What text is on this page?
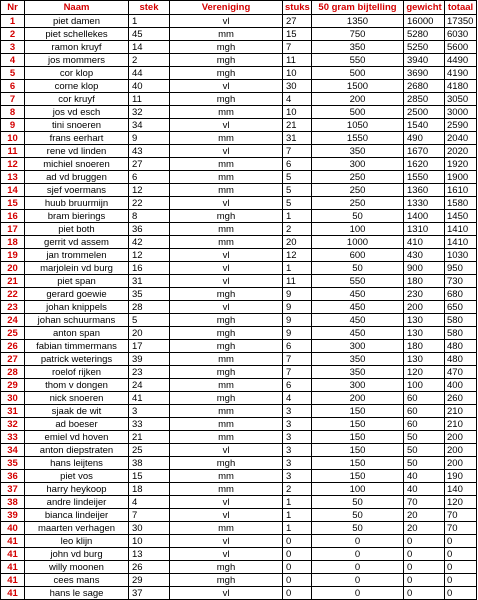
Nr	Naam	stek	Vereniging	stuks	50 gram bijtelling	gewicht	totaal
1	piet damen	1	vl	27	1350	16000	17350
2	piet schellekes	45	mm	15	750	5280	6030
3	ramon kruyf	14	mgh	7	350	5250	5600
4	jos mommers	2	mgh	11	550	3940	4490
5	cor klop	44	mgh	10	500	3690	4190
6	corne klop	40	vl	30	1500	2680	4180
7	cor kruyf	11	mgh	4	200	2850	3050
8	jos vd esch	32	mm	10	500	2500	3000
9	tini snoeren	34	vl	21	1050	1540	2590
10	frans eerhart	9	mm	31	1550	490	2040
11	rene vd linden	43	vl	7	350	1670	2020
12	michiel snoeren	27	mm	6	300	1620	1920
13	ad vd bruggen	6	mm	5	250	1550	1900
14	sjef voermans	12	mm	5	250	1360	1610
15	huub bruurmijn	22	vl	5	250	1330	1580
16	bram bierings	8	mgh	1	50	1400	1450
17	piet both	36	mm	2	100	1310	1410
18	gerrit vd assem	42	mm	20	1000	410	1410
19	jan trommelen	12	vl	12	600	430	1030
20	marjolein vd burg	16	vl	1	50	900	950
21	piet span	31	vl	11	550	180	730
22	gerard goewie	35	mgh	9	450	230	680
23	johan knippels	28	vl	9	450	200	650
24	johan schuurmans	5	mgh	9	450	130	580
25	anton span	20	mgh	9	450	130	580
26	fabian timmermans	17	mgh	6	300	180	480
27	patrick weterings	39	mm	7	350	130	480
28	roelof rijken	23	mgh	7	350	120	470
29	thom v dongen	24	mm	6	300	100	400
30	nick snoeren	41	mgh	4	200	60	260
31	sjaak de wit	3	mm	3	150	60	210
32	ad boeser	33	mm	3	150	60	210
33	emiel vd hoven	21	mm	3	150	50	200
34	anton diepstraten	25	vl	3	150	50	200
35	hans leijtens	38	mgh	3	150	50	200
36	piet vos	15	mm	3	150	40	190
37	harry heykoop	18	mm	2	100	40	140
38	andre lindeijer	4	vl	1	50	70	120
39	bianca lindeijer	7	vl	1	50	20	70
40	maarten verhagen	30	mm	1	50	20	70
41	leo klijn	10	vl	0	0	0	0
41	john vd burg	13	vl	0	0	0	0
41	willy moonen	26	mgh	0	0	0	0
41	cees mans	29	mgh	0	0	0	0
41	hans le sage	37	vl	0	0	0	0
